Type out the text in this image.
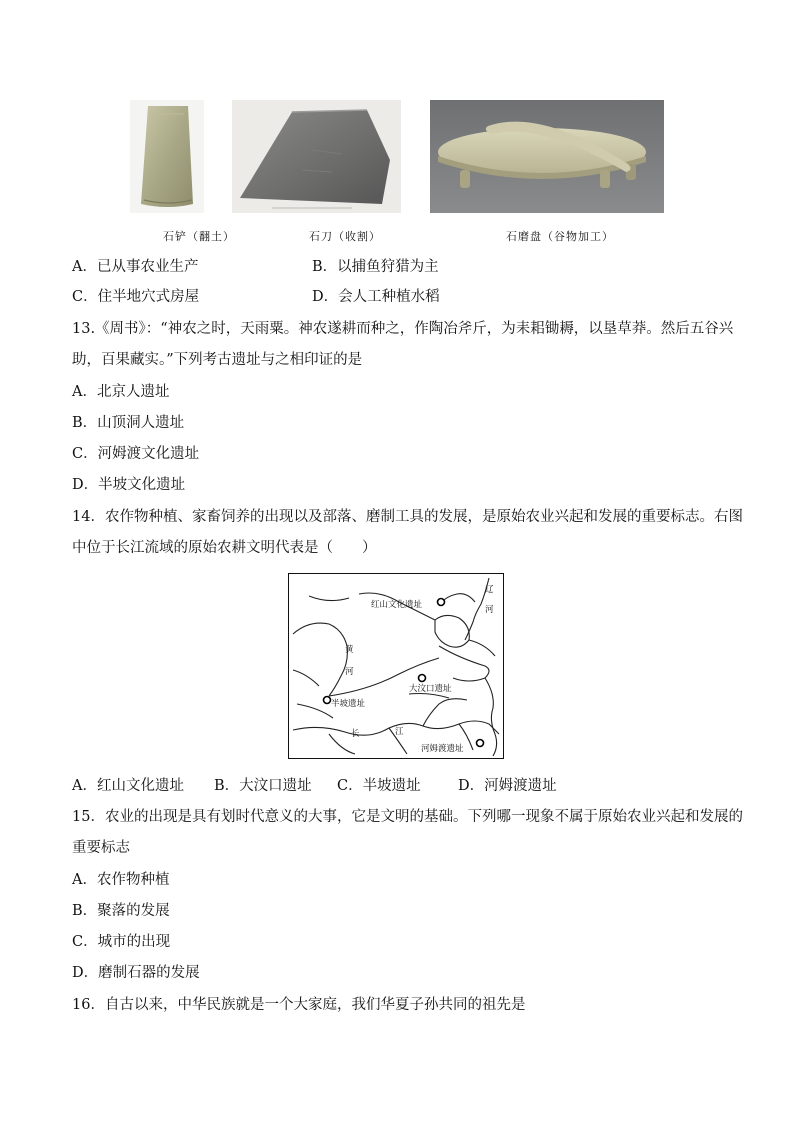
石铲（翻土）	石刀（收割）	石磨盘（谷物加工）
A．已从事农业生产	B．以捕鱼狩猎为主
C．住半地穴式房屋	D．会人工种植水稻
13.《周书》：“神农之时，天雨粟。神农遂耕而种之，作陶冶斧斤，为耒耜锄耨，以垦草莽。然后五谷兴
助，百果藏实。”下列考古遗址与之相印证的是
A．北京人遗址
B．山顶洞人遗址
C．河姆渡文化遗址
D．半坡文化遗址
14．农作物种植、家畜饲养的出现以及部落、磨制工具的发展，是原始农业兴起和发展的重要标志。右图
中位于长江流域的原始农耕文明代表是（　　）
红山文化遗址
辽
河
黄
河
大汶口遗址
半坡遗址
长	江
河姆渡遗址
A．红山文化遗址 B．大汶口遗址 C．半坡遗址	D．河姆渡遗址
15．农业的出现是具有划时代意义的大事，它是文明的基础。下列哪一现象不属于原始农业兴起和发展的
重要标志
A．农作物种植
B．聚落的发展
C．城市的出现
D．磨制石器的发展
16．自古以来，中华民族就是一个大家庭，我们华夏子孙共同的祖先是
